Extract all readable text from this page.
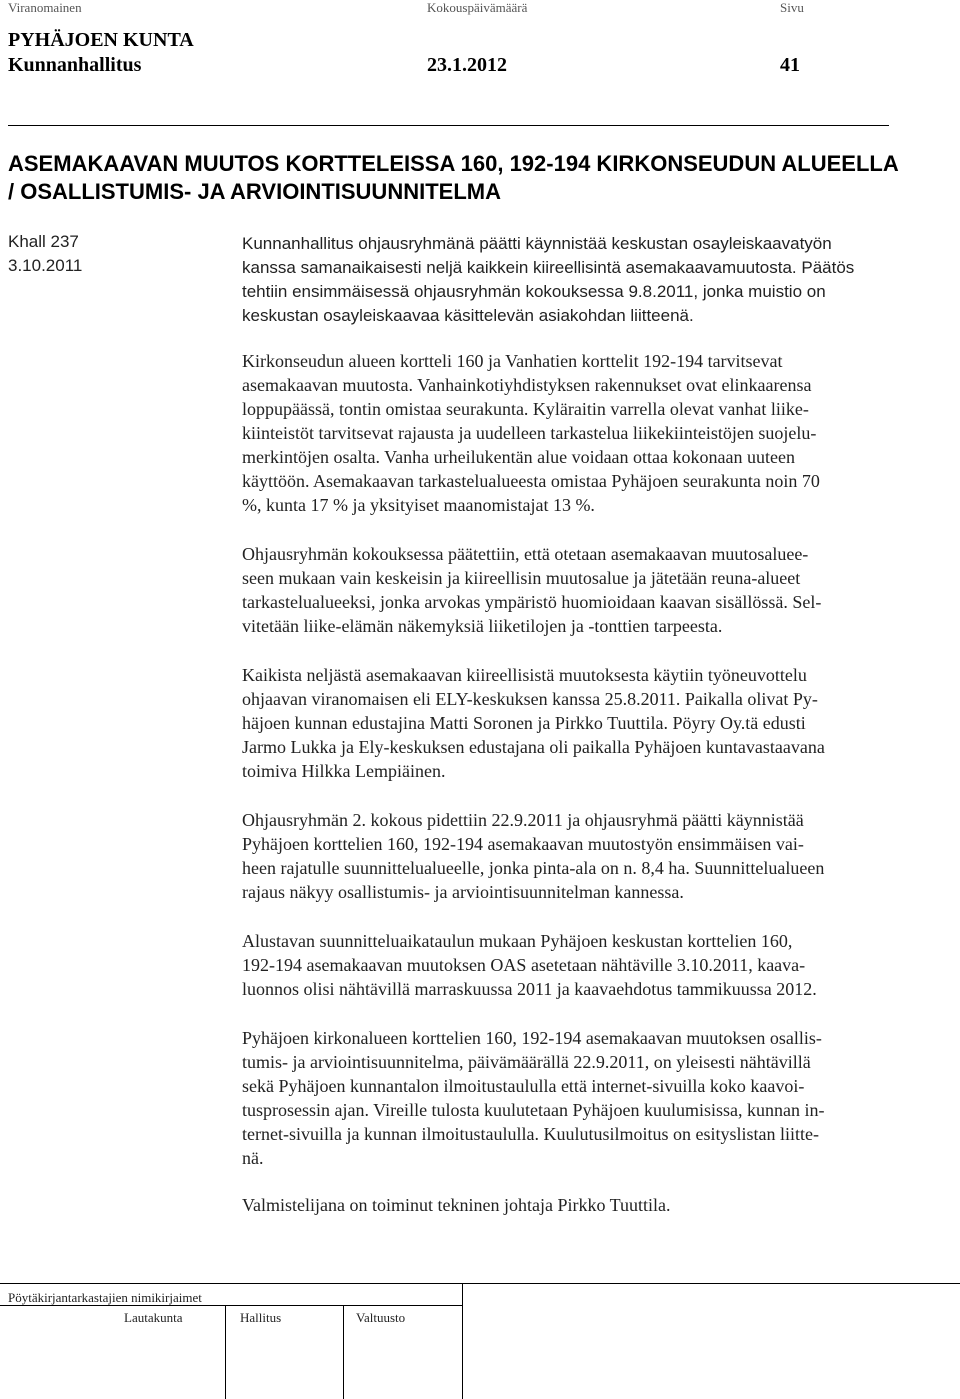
Viranomainen	Kokouspäivämäärä	Sivu
PYHÄJOEN KUNTA
Kunnanhallitus	23.1.2012	41
ASEMAKAAVAN MUUTOS KORTTELEISSA 160, 192-194 KIRKONSEUDUN ALUEELLA / OSALLISTUMIS- JA ARVIOINTISUUNNITELMA
Khall 237
3.10.2011

Kunnanhallitus ohjausryhmänä päätti käynnistää keskustan osayleiskaavatyön
kanssa samanaikaisesti neljä kaikkein kiireellisintä asemakaavamuutosta. Päätös
tehtiin ensimmäisessä ohjausryhmän kokouksessa 9.8.2011, jonka muistio on
keskustan osayleiskaavaa käsittelevän asiakohdan liitteenä.

Kirkonseudun alueen kortteli 160 ja Vanhatien korttelit 192-194 tarvitsevat
asemakaavan muutosta. Vanhainkotiyhdistyksen rakennukset ovat elinkaarensa
loppupäässä, tontin omistaa seurakunta. Kyläraitin varrella olevat vanhat liike-
kiinteistöt tarvitsevat rajausta ja uudelleen tarkastelua liikekiinteistöjen suojelu-
merkintöjen osalta. Vanha urheilukentän alue voidaan ottaa kokonaan uuteen
käyttöön. Asemakaavan tarkastelualueesta omistaa Pyhäjoen seurakunta noin 70
%, kunta 17 % ja yksityiset maanomistajat 13 %.

Ohjausryhmän kokouksessa päätettiin, että otetaan asemakaavan muutosalueе-
seen mukaan vain keskeisin ja kiireellisin muutosalue ja jätetään reuna-alueet
tarkastelualueeksi, jonka arvokas ympäristö huomioidaan kaavan sisällössä. Sel-
vitetään liike-elämän näkemyksiä liiketilojen ja -tonttien tarpeesta.

Kaikista neljästä asemakaavan kiireellisistä muutoksesta käytiin työneuvottelu
ohjaavan viranomaisen eli ELY-keskuksen kanssa 25.8.2011. Paikalla olivat Py-
häjoen kunnan edustajina Matti Soronen ja Pirkko Tuuttila. Pöyry Oy.tä edusti
Jarmo Lukka ja Ely-keskuksen edustajana oli paikalla Pyhäjoen kuntavastaavana
toimiva Hilkka Lempiäinen.

Ohjausryhmän 2. kokous pidettiin 22.9.2011 ja ohjausryhmä päätti käynnistää
Pyhäjoen korttelien 160, 192-194 asemakaavan muutostyön ensimmäisen vai-
heen rajatulle suunnittelualueelle, jonka pinta-ala on n. 8,4 ha. Suunnittelualueen
rajaus näkyy osallistumis- ja arviointisuunnitelman kannessa.

Alustavan suunnitteluaikataulun mukaan Pyhäjoen keskustan korttelien 160,
192-194 asemakaavan muutoksen OAS asetetaan nähtäville 3.10.2011, kaava-
luonnos olisi nähtävillä marraskuussa 2011 ja kaavaehdotus tammikuussa 2012.

Pyhäjoen kirkonalueen korttelien 160, 192-194 asemakaavan muutoksen osallis-
tumis- ja arviointisuunnitelma, päivämäärällä 22.9.2011, on yleisesti nähtävillä
sekä Pyhäjoen kunnantalon ilmoitustaululla että internet-sivuilla koko kaavoi-
tusprosessin ajan. Vireille tulosta kuulutetaan Pyhäjoen kuulumisissa, kunnan in-
ternet-sivuilla ja kunnan ilmoitustaululla. Kuulutusilmoitus on esityslistan liitte-
nä.

Valmistelijana on toiminut tekninen johtaja Pirkko Tuuttila.

Pöytäkirjantarkastajien nimikirjaimet
Lautakunta	Hallitus	Valtuusto
